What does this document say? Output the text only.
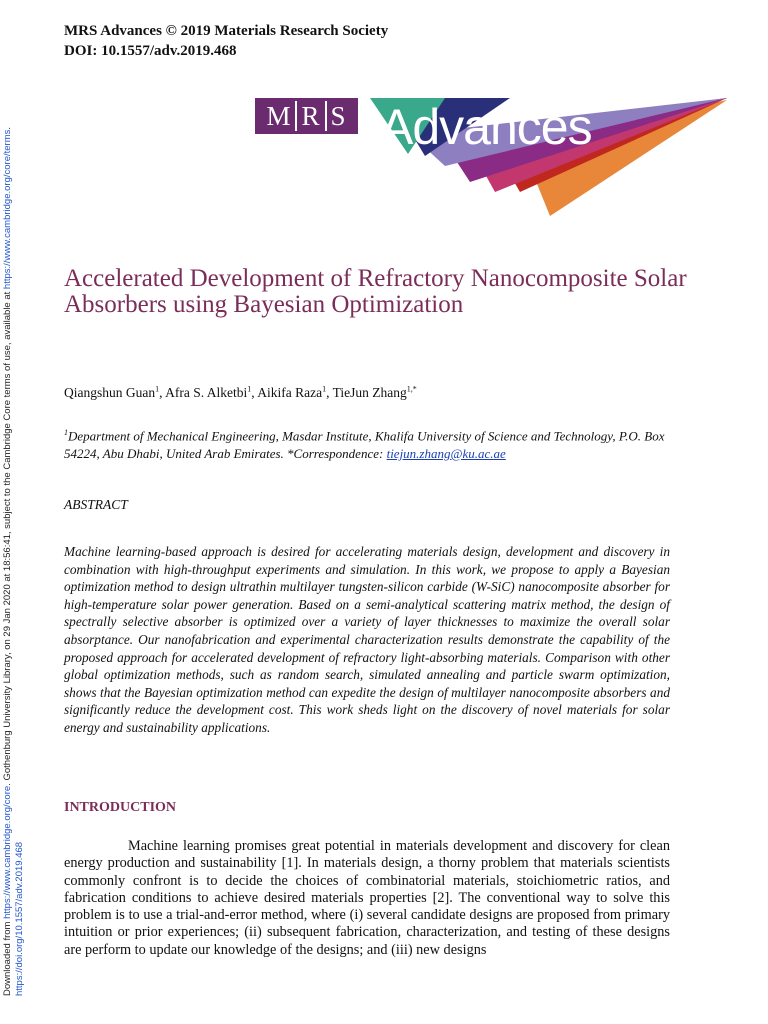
Downloaded from https://www.cambridge.org/core. Gothenburg University Library, on 29 Jan 2020 at 18:56:41, subject to the Cambridge Core terms of use, available at https://www.cambridge.org/core/terms.
https://doi.org/10.1557/adv.2019.468
MRS Advances © 2019 Materials Research Society
DOI: 10.1557/adv.2019.468
M R S Advances
Accelerated Development of Refractory Nanocomposite Solar Absorbers using Bayesian Optimization
Qiangshun Guan$^1$, Afra S. Alketbi$^1$, Aikifa Raza$^1$, TieJun Zhang$^{1,*}$

$^1$Department of Mechanical Engineering, Masdar Institute, Khalifa University of Science and Technology, P.O. Box 54224, Abu Dhabi, United Arab Emirates. *Correspondence: tiejun.zhang@ku.ac.ae

ABSTRACT

Machine learning-based approach is desired for accelerating materials design, development and discovery in combination with high-throughput experiments and simulation. In this work, we propose to apply a Bayesian optimization method to design ultrathin multilayer tungsten-silicon carbide (W-SiC) nanocomposite absorber for high-temperature solar power generation. Based on a semi-analytical scattering matrix method, the design of spectrally selective absorber is optimized over a variety of layer thicknesses to maximize the overall solar absorptance. Our nanofabrication and experimental characterization results demonstrate the capability of the proposed approach for accelerated development of refractory light-absorbing materials. Comparison with other global optimization methods, such as random search, simulated annealing and particle swarm optimization, shows that the Bayesian optimization method can expedite the design of multilayer nanocomposite absorbers and significantly reduce the development cost. This work sheds light on the discovery of novel materials for solar energy and sustainability applications.

INTRODUCTION

Machine learning promises great potential in materials development and discovery for clean energy production and sustainability [1]. In materials design, a thorny problem that materials scientists commonly confront is to decide the choices of combinatorial materials, stoichiometric ratios, and fabrication conditions to achieve desired materials properties [2]. The conventional way to solve this problem is to use a trial-and-error method, where (i) several candidate designs are proposed from primary intuition or prior experiences; (ii) subsequent fabrication, characterization, and testing of these designs are perform to update our knowledge of the designs; and (iii) new designs
